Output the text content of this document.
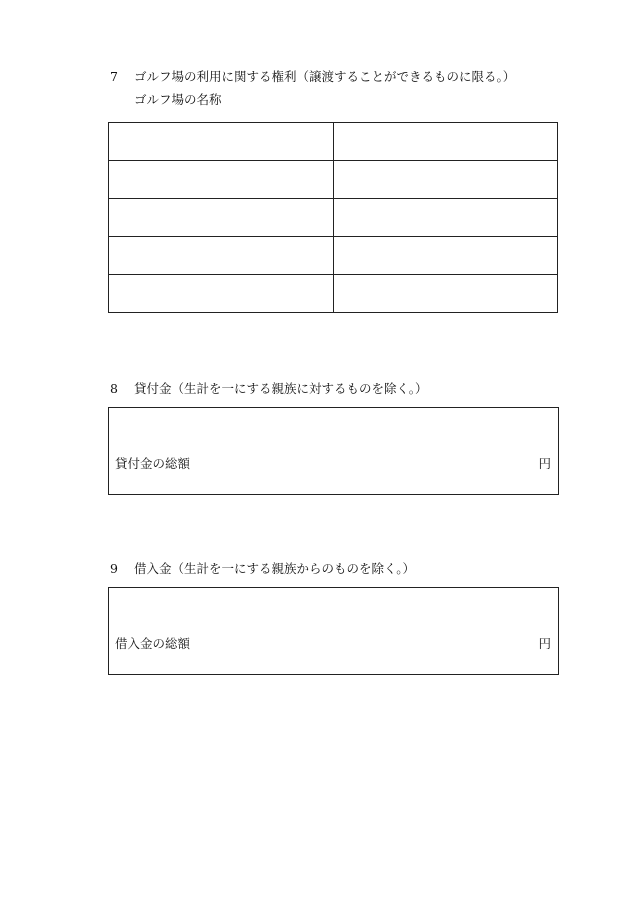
7 ゴルフ場の利用に関する権利（譲渡することができるものに限る。）
ゴルフ場の名称

8 貸付金（生計を一にする親族に対するものを除く。）
貸付金の総額	円
9 借入金（生計を一にする親族からのものを除く。）
借入金の総額	円
